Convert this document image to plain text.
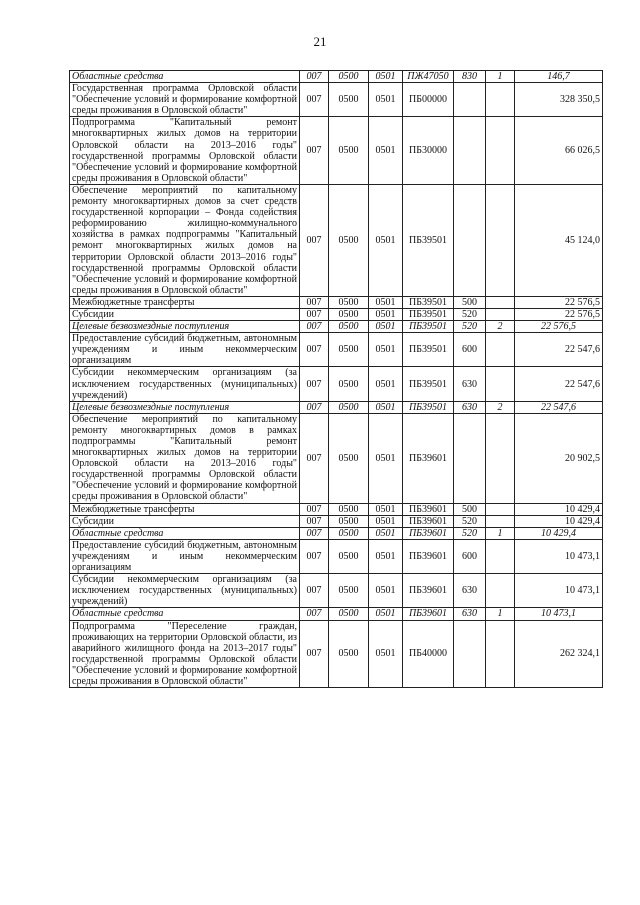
21
Областные средства	007	0500	0501	ПЖ47050	830	1	146,7
Государственная программа Орловской области "Обеспечение условий и формирование комфортной среды проживания в Орловской области"	007	0500	0501	ПБ00000			328 350,5
Подпрограмма "Капитальный ремонт многоквартирных жилых домов на территории Орловской области на 2013–2016 годы" государственной программы Орловской области "Обеспечение условий и формирование комфортной среды проживания в Орловской области"	007	0500	0501	ПБ30000			66 026,5
Обеспечение мероприятий по капитальному ремонту многоквартирных домов за счет средств государственной корпорации – Фонда содействия реформированию жилищно-коммунального хозяйства в рамках подпрограммы "Капитальный ремонт многоквартирных жилых домов на территории Орловской области 2013–2016 годы" государственной программы Орловской области "Обеспечение условий и формирование комфортной среды проживания в Орловской области"	007	0500	0501	ПБ39501			45 124,0
Межбюджетные трансферты	007	0500	0501	ПБ39501	500		22 576,5
Субсидии	007	0500	0501	ПБ39501	520		22 576,5
Целевые безвозмездные поступления	007	0500	0501	ПБ39501	520	2	22 576,5
Предоставление субсидий бюджетным, автономным учреждениям и иным некоммерческим организациям	007	0500	0501	ПБ39501	600		22 547,6
Субсидии некоммерческим организациям (за исключением государственных (муниципальных) учреждений)	007	0500	0501	ПБ39501	630		22 547,6
Целевые безвозмездные поступления	007	0500	0501	ПБ39501	630	2	22 547,6
Обеспечение мероприятий по капитальному ремонту многоквартирных домов в рамках подпрограммы "Капитальный ремонт многоквартирных жилых домов на территории Орловской области на 2013–2016 годы" государственной программы Орловской области "Обеспечение условий и формирование комфортной среды проживания в Орловской области"	007	0500	0501	ПБ39601			20 902,5
Межбюджетные трансферты	007	0500	0501	ПБ39601	500		10 429,4
Субсидии	007	0500	0501	ПБ39601	520		10 429,4
Областные средства	007	0500	0501	ПБ39601	520	1	10 429,4
Предоставление субсидий бюджетным, автономным учреждениям и иным некоммерческим организациям	007	0500	0501	ПБ39601	600		10 473,1
Субсидии некоммерческим организациям (за исключением государственных (муниципальных) учреждений)	007	0500	0501	ПБ39601	630		10 473,1
Областные средства	007	0500	0501	ПБ39601	630	1	10 473,1
Подпрограмма "Переселение граждан, проживающих на территории Орловской области, из аварийного жилищного фонда на 2013–2017 годы" государственной программы Орловской области "Обеспечение условий и формирование комфортной среды проживания в Орловской области"	007	0500	0501	ПБ40000			262 324,1
